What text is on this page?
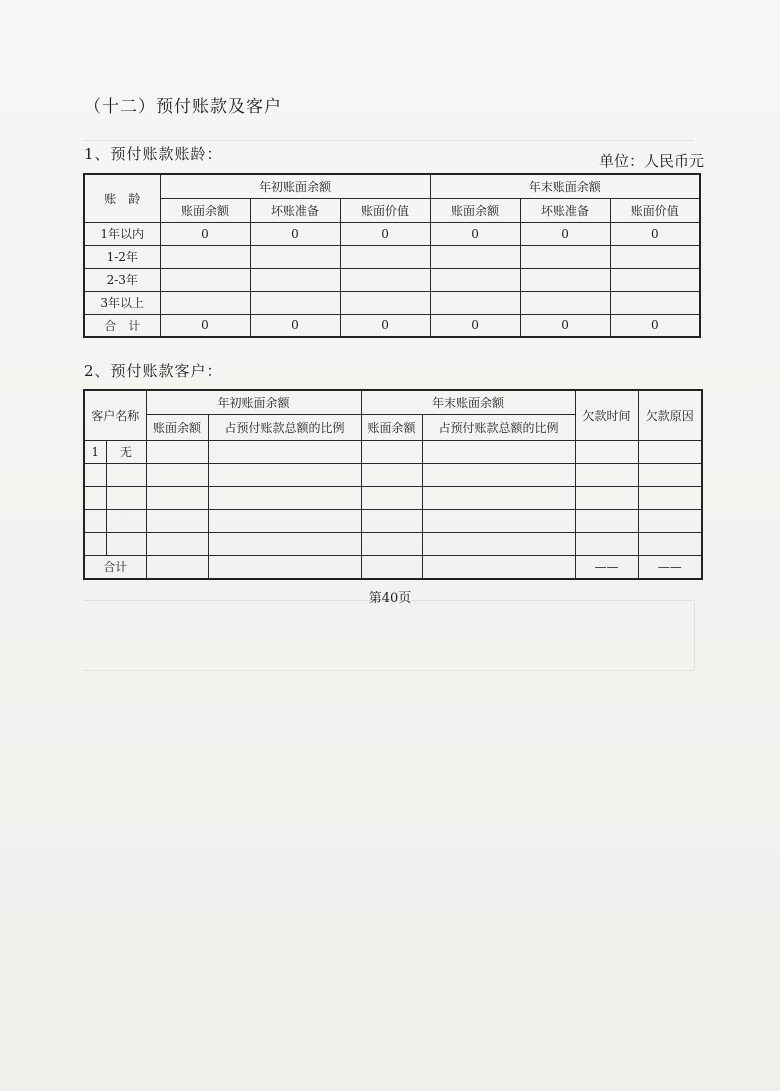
（十二）预付账款及客户
1、预付账款账龄：	单位：人民币元
账　龄	年初账面余额			年末账面余额		
	账面余额	坏账准备	账面价值	账面余额	坏账准备	账面价值
1年以内	0	0	0	0	0	0
1-2年						
2-3年						
3年以上						
合　计	0	0	0	0	0	0
2、预付账款客户：
客户名称		年初账面余额		年末账面余额		欠款时间	欠款原因
		账面余额	占预付账款总额的比例	账面余额	占预付账款总额的比例		
1	无						

合计						——	——
第40页
